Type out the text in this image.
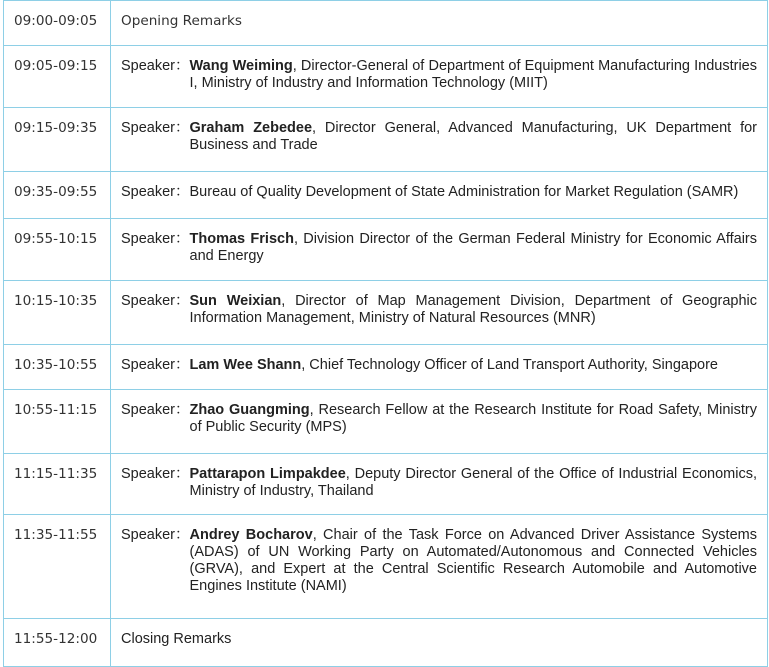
09:00-09:05	Opening Remarks
09:05-09:15	Speaker： Wang Weiming, Director-General of Department of Equipment Manufacturing Industries I, Ministry of Industry and Information Technology (MIIT)

09:15-09:35	Speaker： Graham Zebedee, Director General, Advanced Manufacturing, UK Department for Business and Trade

09:35-09:55	Speaker： Bureau of Quality Development of State Administration for Market Regulation (SAMR)

09:55-10:15	Speaker： Thomas Frisch, Division Director of the German Federal Ministry for Economic Affairs and Energy

10:15-10:35	Speaker： Sun Weixian, Director of Map Management Division, Department of Geographic Information Management, Ministry of Natural Resources (MNR)

10:35-10:55	Speaker： Lam Wee Shann, Chief Technology Officer of Land Transport Authority, Singapore

10:55-11:15	Speaker： Zhao Guangming, Research Fellow at the Research Institute for Road Safety, Ministry of Public Security (MPS)

11:15-11:35	Speaker： Pattarapon Limpakdee, Deputy Director General of the Office of Industrial Economics, Ministry of Industry, Thailand

11:35-11:55	Speaker： Andrey Bocharov, Chair of the Task Force on Advanced Driver Assistance Systems (ADAS) of UN Working Party on Automated/Autonomous and Connected Vehicles (GRVA), and Expert at the Central Scientific Research Automobile and Automotive Engines Institute (NAMI)

11:55-12:00	Closing Remarks
